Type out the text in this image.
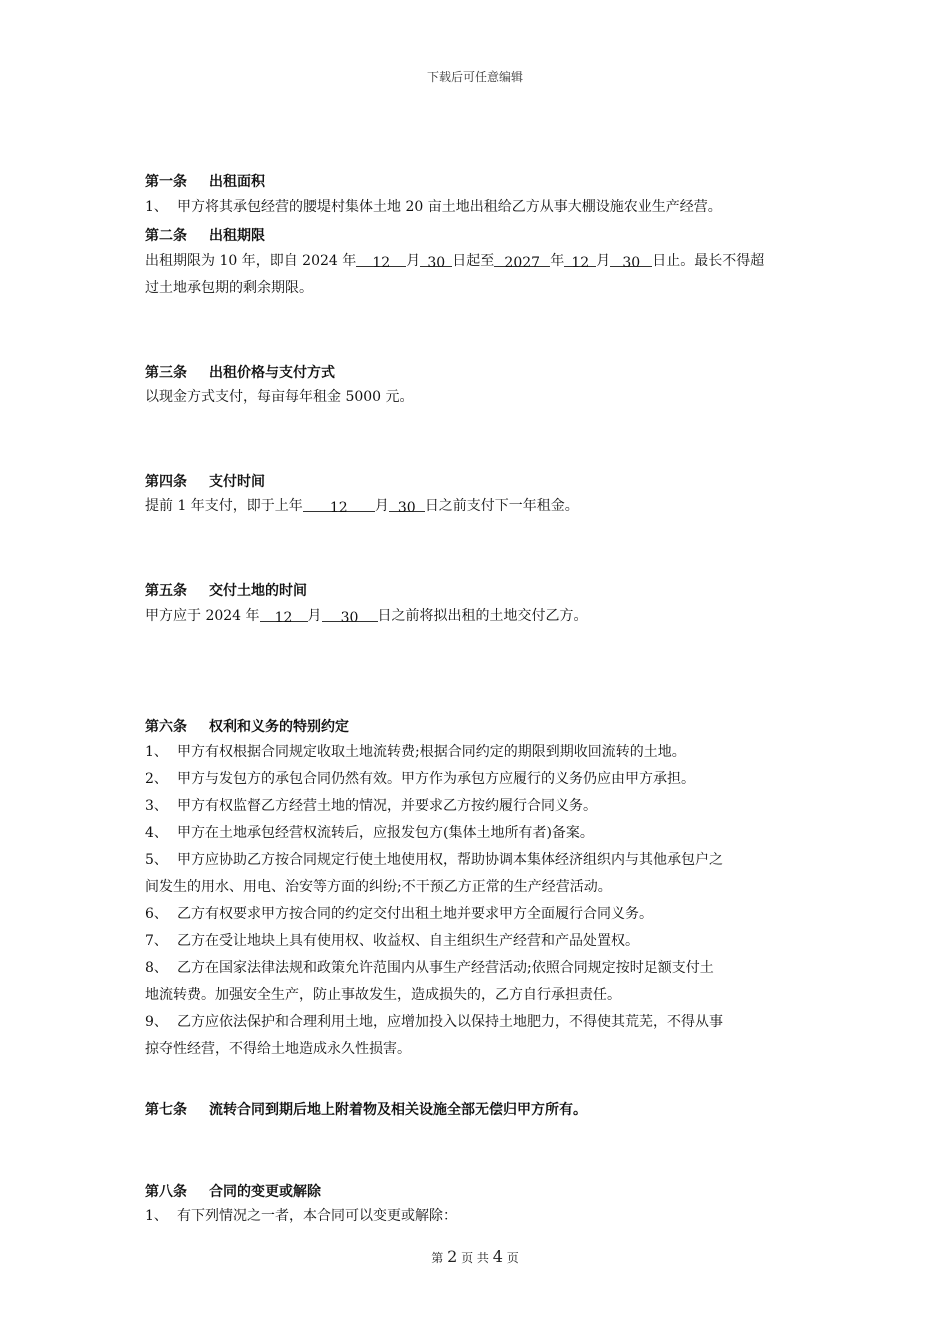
下载后可任意编辑
第一条 出租面积
1、 甲方将其承包经营的腰堤村集体土地 20 亩土地出租给乙方从事大棚设施农业生产经营。
第二条 出租期限
出租期限为 10 年，即自 2024 年 12 月 30 日起至 2027 年 12 月 30 日止。最长不得超
过土地承包期的剩余期限。
第三条 出租价格与支付方式
以现金方式支付，每亩每年租金 5000 元。
第四条 支付时间
提前 1 年支付，即于上年 12 月 30 日之前支付下一年租金。
第五条 交付土地的时间
甲方应于 2024 年 12 月 30 日之前将拟出租的土地交付乙方。
第六条 权利和义务的特别约定
1、 甲方有权根据合同规定收取土地流转费;根据合同约定的期限到期收回流转的土地。
2、 甲方与发包方的承包合同仍然有效。甲方作为承包方应履行的义务仍应由甲方承担。
3、 甲方有权监督乙方经营土地的情况，并要求乙方按约履行合同义务。
4、 甲方在土地承包经营权流转后，应报发包方(集体土地所有者)备案。
5、 甲方应协助乙方按合同规定行使土地使用权，帮助协调本集体经济组织内与其他承包户之
间发生的用水、用电、治安等方面的纠纷;不干预乙方正常的生产经营活动。
6、 乙方有权要求甲方按合同的约定交付出租土地并要求甲方全面履行合同义务。
7、 乙方在受让地块上具有使用权、收益权、自主组织生产经营和产品处置权。
8、 乙方在国家法律法规和政策允许范围内从事生产经营活动;依照合同规定按时足额支付土
地流转费。加强安全生产，防止事故发生，造成损失的，乙方自行承担责任。
9、 乙方应依法保护和合理利用土地，应增加投入以保持土地肥力，不得使其荒芜，不得从事
掠夺性经营，不得给土地造成永久性损害。
第七条 流转合同到期后地上附着物及相关设施全部无偿归甲方所有。
第八条 合同的变更或解除
1、 有下列情况之一者，本合同可以变更或解除：
第 2 页 共 4 页
